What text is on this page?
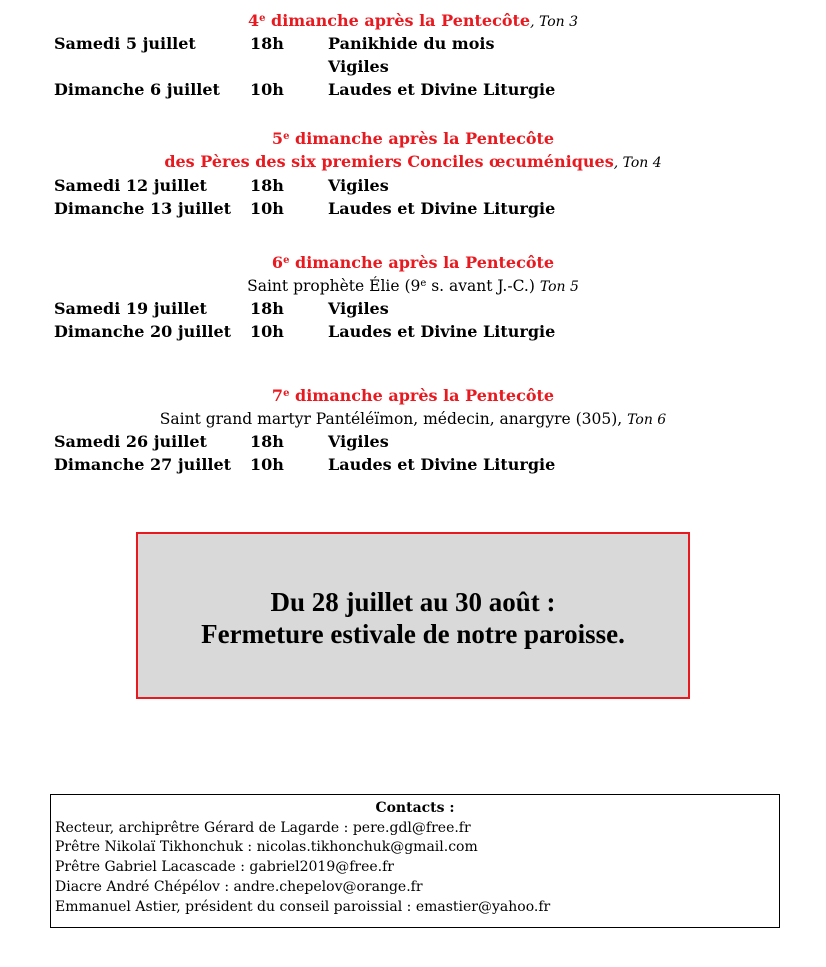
4e dimanche après la Pentecôte, Ton 3
Samedi 5 juillet	18h	Panikhide du mois
Vigiles
Dimanche 6 juillet 10h	Laudes et Divine Liturgie
5e dimanche après la Pentecôte
des Pères des six premiers Conciles œcuméniques, Ton 4
Samedi 12 juillet	18h	Vigiles
Dimanche 13 juillet 10h	Laudes et Divine Liturgie
6e dimanche après la Pentecôte
Saint prophète Élie (9e s. avant J.-C.) Ton 5
Samedi 19 juillet	18h	Vigiles
Dimanche 20 juillet 10h	Laudes et Divine Liturgie
7e dimanche après la Pentecôte
Saint grand martyr Pantéléïmon, médecin, anargyre (305), Ton 6
Samedi 26 juillet	18h	Vigiles
Dimanche 27 juillet 10h	Laudes et Divine Liturgie
Du 28 juillet au 30 août :
Fermeture estivale de notre paroisse.
Contacts :
Recteur, archiprêtre Gérard de Lagarde : pere.gdl@free.fr
Prêtre Nikolaï Tikhonchuk : nicolas.tikhonchuk@gmail.com
Prêtre Gabriel Lacascade : gabriel2019@free.fr
Diacre André Chépélov : andre.chepelov@orange.fr
Emmanuel Astier, président du conseil paroissial : emastier@yahoo.fr
